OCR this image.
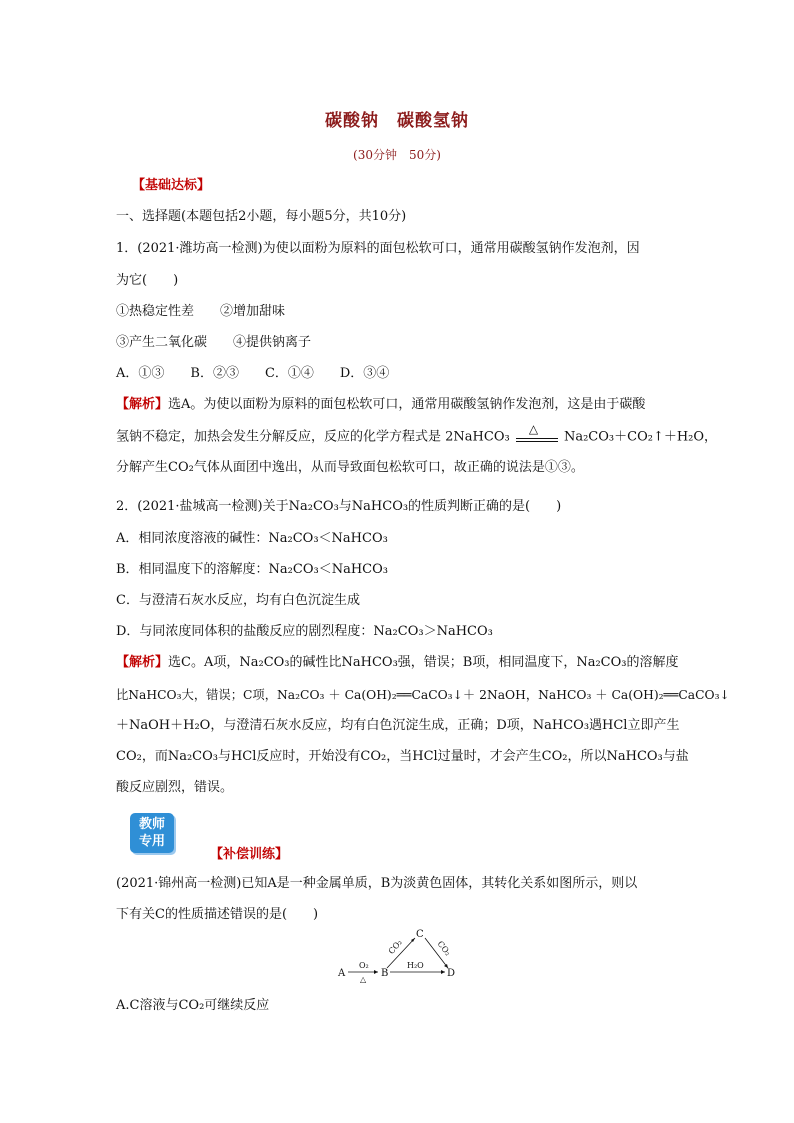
碳酸钠　碳酸氢钠
(30分钟　50分)
【基础达标】
一、选择题(本题包括2小题，每小题5分，共10分)
1．(2021·潍坊高一检测)为使以面粉为原料的面包松软可口，通常用碳酸氢钠作发泡剂，因
为它(　　)
①热稳定性差　　②增加甜味
③产生二氧化碳　　④提供钠离子
A．①③　　B．②③　　C．①④　　D．③④
【解析】选A。为使以面粉为原料的面包松软可口，通常用碳酸氢钠作发泡剂，这是由于碳酸
氢钠不稳定，加热会发生分解反应，反应的化学方程式是 2NaHCO₃
△
Na₂CO₃＋CO₂↑＋H₂O，
分解产生CO₂气体从面团中逸出，从而导致面包松软可口，故正确的说法是①③。
2．(2021·盐城高一检测)关于Na₂CO₃与NaHCO₃的性质判断正确的是(　　)
A．相同浓度溶液的碱性：Na₂CO₃＜NaHCO₃
B．相同温度下的溶解度：Na₂CO₃＜NaHCO₃
C．与澄清石灰水反应，均有白色沉淀生成
D．与同浓度同体积的盐酸反应的剧烈程度：Na₂CO₃＞NaHCO₃
【解析】选C。A项，Na₂CO₃的碱性比NaHCO₃强，错误；B项，相同温度下，Na₂CO₃的溶解度
比NaHCO₃大，错误；C项，Na₂CO₃ ＋ Ca(OH)₂══CaCO₃↓＋ 2NaOH，NaHCO₃ ＋ Ca(OH)₂══CaCO₃↓
＋NaOH＋H₂O，与澄清石灰水反应，均有白色沉淀生成，正确；D项，NaHCO₃遇HCl立即产生
CO₂，而Na₂CO₃与HCl反应时，开始没有CO₂，当HCl过量时，才会产生CO₂，所以NaHCO₃与盐
酸反应剧烈，错误。
教师
专用
【补偿训练】
(2021·锦州高一检测)已知A是一种金属单质，B为淡黄色固体，其转化关系如图所示，则以
下有关C的性质描述错误的是(　　)
A
O₂
△
B
CO₂
C
CO₂
H₂O
D
A.C溶液与CO₂可继续反应
